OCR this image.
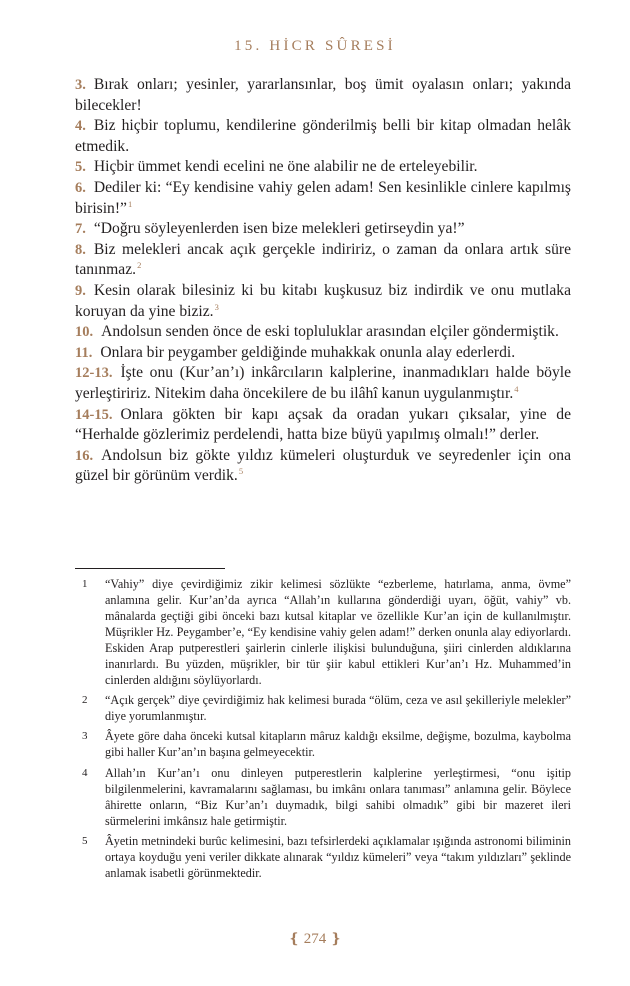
15. HİCR SÛRESİ

3. Bırak onları; yesinler, yararlansınlar, boş ümit oyalasın onları; yakında bilecekler!

4. Biz hiçbir toplumu, kendilerine gönderilmiş belli bir kitap olmadan helâk etmedik.

5. Hiçbir ümmet kendi ecelini ne öne alabilir ne de erteleyebilir.

6. Dediler ki: “Ey kendisine vahiy gelen adam! Sen kesinlikle cinlere kapılmış birisin!”$^1$

7. “Doğru söyleyenlerden isen bize melekleri getirseydin ya!”

8. Biz melekleri ancak açık gerçekle indiririz, o zaman da onlara artık süre tanınmaz.$^2$

9. Kesin olarak bilesiniz ki bu kitabı kuşkusuz biz indirdik ve onu mutlaka koruyan da yine biziz.$^3$

10. Andolsun senden önce de eski topluluklar arasından elçiler göndermiştik.

11. Onlara bir peygamber geldiğinde muhakkak onunla alay ederlerdi.

12-13. İşte onu (Kur’an’ı) inkârcıların kalplerine, inanmadıkları halde böyle yerleştiririz. Nitekim daha öncekilere de bu ilâhî kanun uygulanmıştır.$^4$

14-15. Onlara gökten bir kapı açsak da oradan yukarı çıksalar, yine de “Herhalde gözlerimiz perdelendi, hatta bize büyü yapılmış olmalı!” derler.

16. Andolsun biz gökte yıldız kümeleri oluşturduk ve seyredenler için ona güzel bir görünüm verdik.$^5$

1	“Vahiy” diye çevirdiğimiz zikir kelimesi sözlükte “ezberleme, hatırlama, anma, övme” anlamına gelir. Kur’an’da ayrıca “Allah’ın kullarına gönderdiği uyarı, öğüt, vahiy” vb. mânalarda geçtiği gibi önceki bazı kutsal kitaplar ve özellikle Kur’an için de kullanılmıştır. Müşrikler Hz. Peygamber’e, “Ey kendisine vahiy gelen adam!” derken onunla alay ediyorlardı. Eskiden Arap putperestleri şairlerin cinlerle ilişkisi bulunduğuna, şiiri cinlerden aldıklarına inanırlardı. Bu yüzden, müşrikler, bir tür şiir kabul ettikleri Kur’an’ı Hz. Muhammed’in cinlerden aldığını söylüyorlardı.
2	“Açık gerçek” diye çevirdiğimiz hak kelimesi burada “ölüm, ceza ve asıl şekilleriyle melekler” diye yorumlanmıştır.
3	Âyete göre daha önceki kutsal kitapların mâruz kaldığı eksilme, değişme, bozulma, kaybolma gibi haller Kur’an’ın başına gelmeyecektir.
4	Allah’ın Kur’an’ı onu dinleyen putperestlerin kalplerine yerleştirmesi, “onu işitip bilgilenmelerini, kavramalarını sağlaması, bu imkânı onlara tanıması” anlamına gelir. Böylece âhirette onların, “Biz Kur’an’ı duymadık, bilgi sahibi olmadık” gibi bir mazeret ileri sürmelerini imkânsız hale getirmiştir.
5	Âyetin metnindeki burûc kelimesini, bazı tefsirlerdeki açıklamalar ışığında astronomi biliminin ortaya koyduğu yeni veriler dikkate alınarak “yıldız kümeleri” veya “takım yıldızları” şeklinde anlamak isabetli görünmektedir.
❴ 274 ❵
